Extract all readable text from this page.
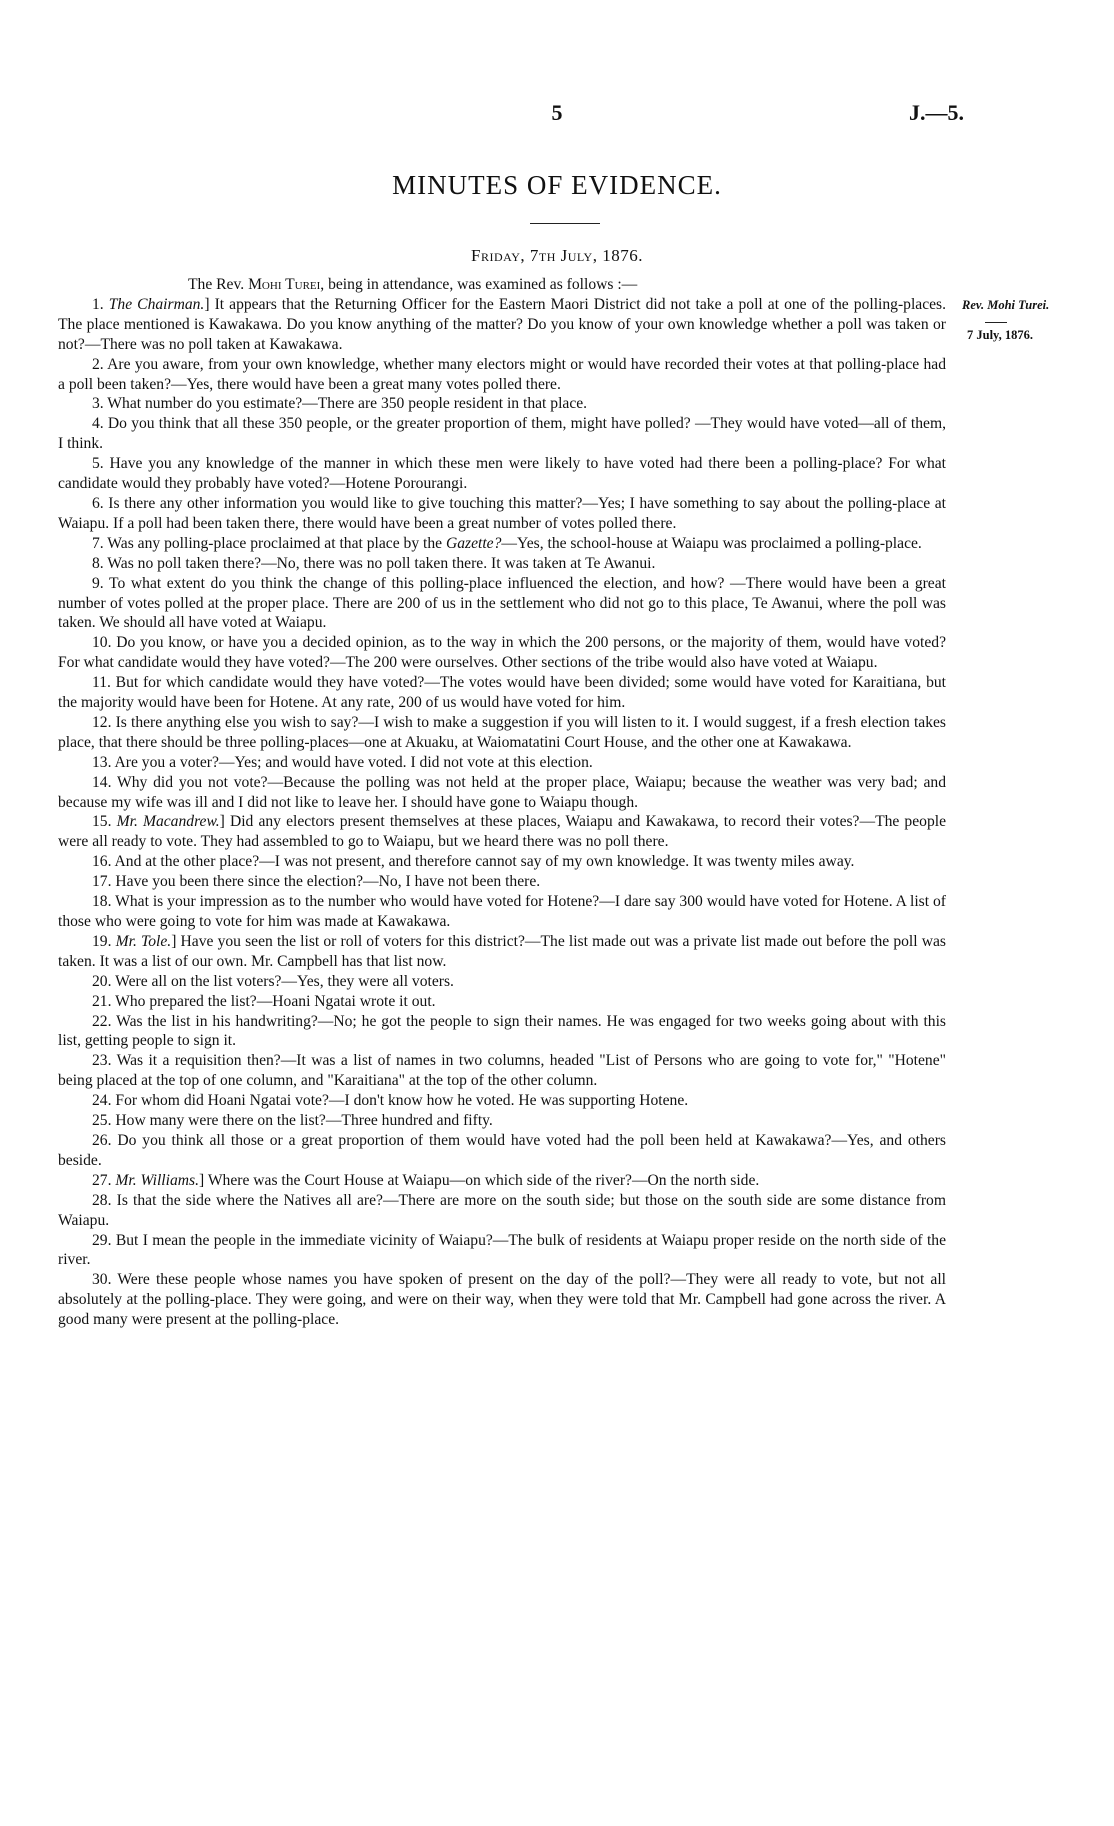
5	J.—5.
MINUTES OF EVIDENCE.
Friday, 7th July, 1876.
Rev. Mohi Turei.
7 July, 1876.

The Rev. Mohi Turei, being in attendance, was examined as follows :—

1. The Chairman.] It appears that the Returning Officer for the Eastern Maori District did not take a poll at one of the polling-places. The place mentioned is Kawakawa. Do you know anything of the matter? Do you know of your own knowledge whether a poll was taken or not?—There was no poll taken at Kawakawa.

2. Are you aware, from your own knowledge, whether many electors might or would have recorded their votes at that polling-place had a poll been taken?—Yes, there would have been a great many votes polled there.

3. What number do you estimate?—There are 350 people resident in that place.

4. Do you think that all these 350 people, or the greater proportion of them, might have polled? —They would have voted—all of them, I think.

5. Have you any knowledge of the manner in which these men were likely to have voted had there been a polling-place? For what candidate would they probably have voted?—Hotene Porourangi.

6. Is there any other information you would like to give touching this matter?—Yes; I have something to say about the polling-place at Waiapu. If a poll had been taken there, there would have been a great number of votes polled there.

7. Was any polling-place proclaimed at that place by the Gazette?—Yes, the school-house at Waiapu was proclaimed a polling-place.

8. Was no poll taken there?—No, there was no poll taken there. It was taken at Te Awanui.

9. To what extent do you think the change of this polling-place influenced the election, and how? —There would have been a great number of votes polled at the proper place. There are 200 of us in the settlement who did not go to this place, Te Awanui, where the poll was taken. We should all have voted at Waiapu.

10. Do you know, or have you a decided opinion, as to the way in which the 200 persons, or the majority of them, would have voted? For what candidate would they have voted?—The 200 were ourselves. Other sections of the tribe would also have voted at Waiapu.

11. But for which candidate would they have voted?—The votes would have been divided; some would have voted for Karaitiana, but the majority would have been for Hotene. At any rate, 200 of us would have voted for him.

12. Is there anything else you wish to say?—I wish to make a suggestion if you will listen to it. I would suggest, if a fresh election takes place, that there should be three polling-places—one at Akuaku, at Waiomatatini Court House, and the other one at Kawakawa.

13. Are you a voter?—Yes; and would have voted. I did not vote at this election.

14. Why did you not vote?—Because the polling was not held at the proper place, Waiapu; because the weather was very bad; and because my wife was ill and I did not like to leave her. I should have gone to Waiapu though.

15. Mr. Macandrew.] Did any electors present themselves at these places, Waiapu and Kawakawa, to record their votes?—The people were all ready to vote. They had assembled to go to Waiapu, but we heard there was no poll there.

16. And at the other place?—I was not present, and therefore cannot say of my own knowledge. It was twenty miles away.

17. Have you been there since the election?—No, I have not been there.

18. What is your impression as to the number who would have voted for Hotene?—I dare say 300 would have voted for Hotene. A list of those who were going to vote for him was made at Kawakawa.

19. Mr. Tole.] Have you seen the list or roll of voters for this district?—The list made out was a private list made out before the poll was taken. It was a list of our own. Mr. Campbell has that list now.

20. Were all on the list voters?—Yes, they were all voters.

21. Who prepared the list?—Hoani Ngatai wrote it out.

22. Was the list in his handwriting?—No; he got the people to sign their names. He was engaged for two weeks going about with this list, getting people to sign it.

23. Was it a requisition then?—It was a list of names in two columns, headed "List of Persons who are going to vote for," "Hotene" being placed at the top of one column, and "Karaitiana" at the top of the other column.

24. For whom did Hoani Ngatai vote?—I don't know how he voted. He was supporting Hotene.

25. How many were there on the list?—Three hundred and fifty.

26. Do you think all those or a great proportion of them would have voted had the poll been held at Kawakawa?—Yes, and others beside.

27. Mr. Williams.] Where was the Court House at Waiapu—on which side of the river?—On the north side.

28. Is that the side where the Natives all are?—There are more on the south side; but those on the south side are some distance from Waiapu.

29. But I mean the people in the immediate vicinity of Waiapu?—The bulk of residents at Waiapu proper reside on the north side of the river.

30. Were these people whose names you have spoken of present on the day of the poll?—They were all ready to vote, but not all absolutely at the polling-place. They were going, and were on their way, when they were told that Mr. Campbell had gone across the river. A good many were present at the polling-place.
